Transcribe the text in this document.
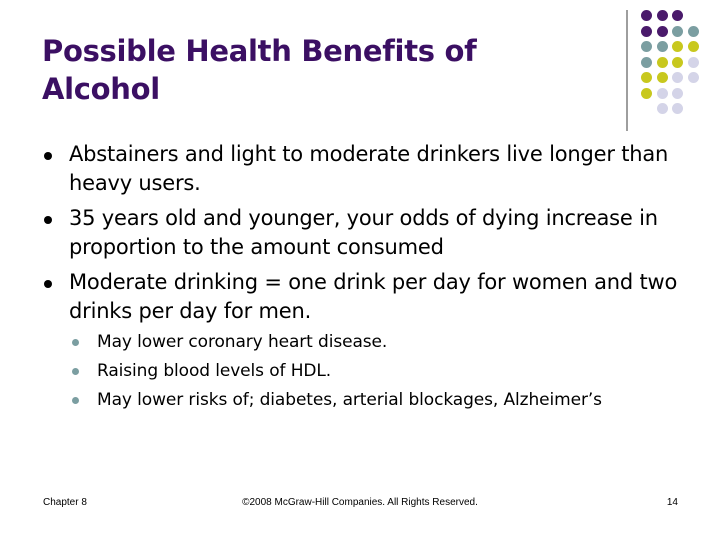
Possible Health Benefits of Alcohol
Abstainers and light to moderate drinkers live longer than heavy users.
35 years old and younger, your odds of dying increase in proportion to the amount consumed
Moderate drinking = one drink per day for women and two drinks per day for men.
May lower coronary heart disease.
Raising blood levels of HDL.
May lower risks of; diabetes, arterial blockages, Alzheimer’s
Chapter 8	©2008 McGraw-Hill Companies. All Rights Reserved.	14
